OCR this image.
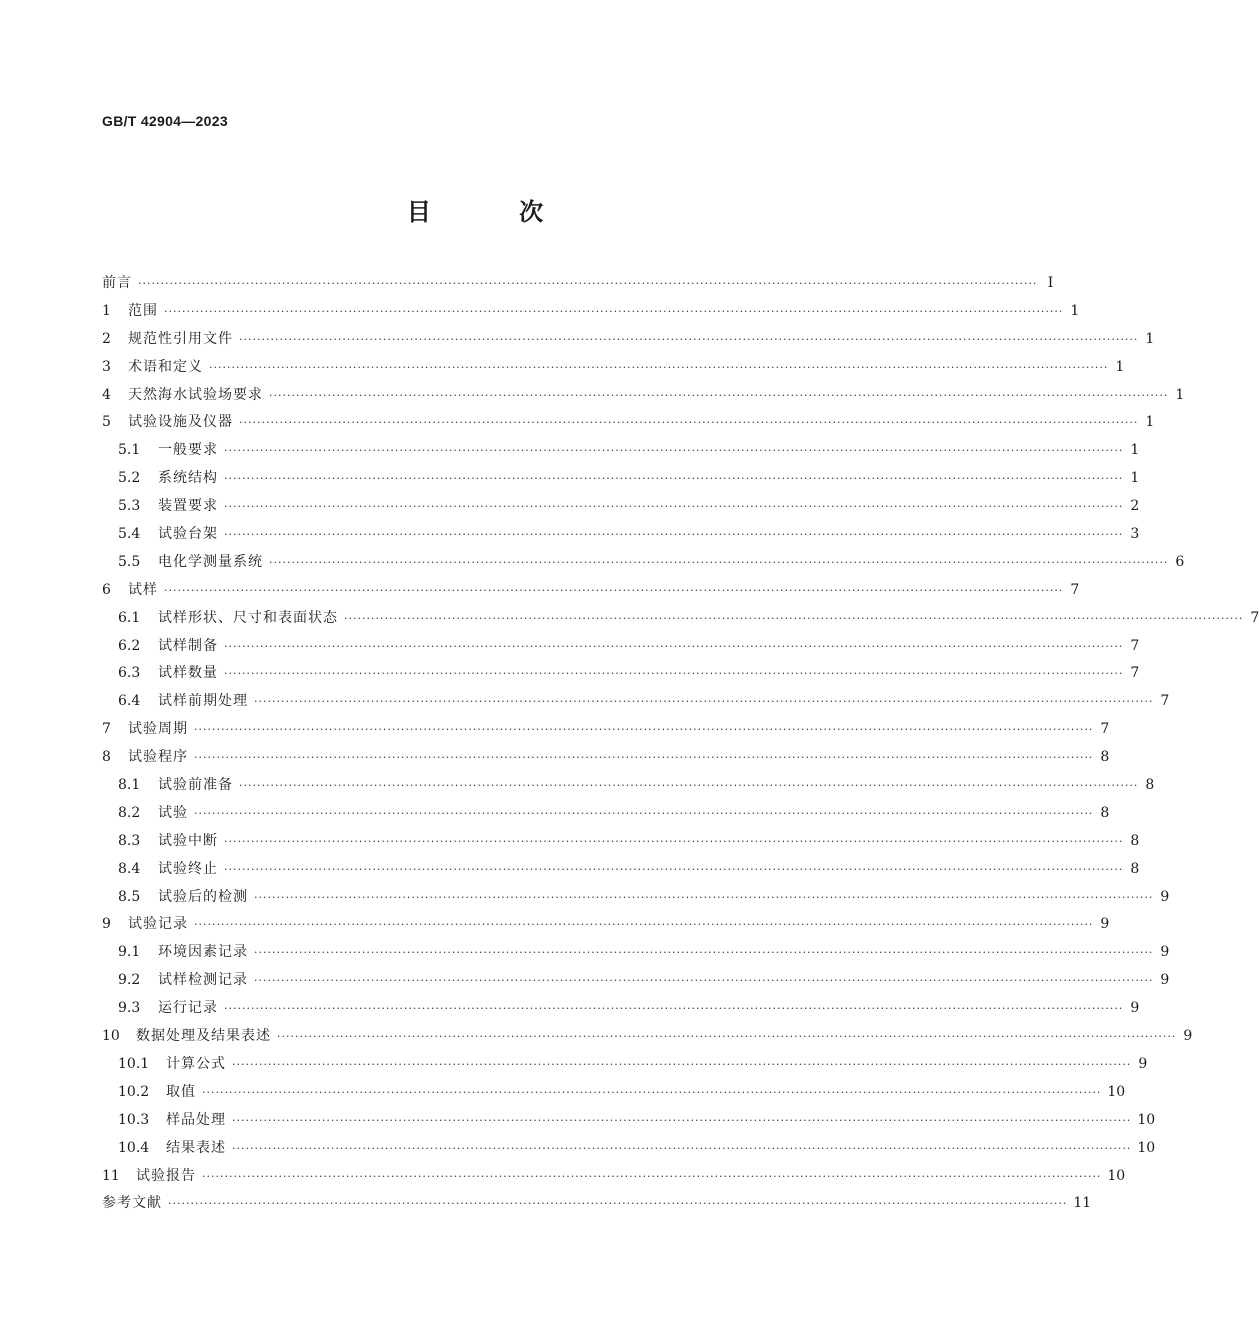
GB/T 42904—2023
目 次
前言 ········································································································································································································ Ⅰ
1	范围 ········································································································································································································ 1
2	规范性引用文件 ········································································································································································································ 1
3	术语和定义 ········································································································································································································ 1
4	天然海水试验场要求 ········································································································································································································ 1
5	试验设施及仪器 ········································································································································································································ 1
5.1	一般要求 ········································································································································································································ 1
5.2	系统结构 ········································································································································································································ 1
5.3	装置要求 ········································································································································································································ 2
5.4	试验台架 ········································································································································································································ 3
5.5	电化学测量系统 ········································································································································································································ 6
6	试样 ········································································································································································································ 7
6.1	试样形状、尺寸和表面状态 ········································································································································································································ 7
6.2	试样制备 ········································································································································································································ 7
6.3	试样数量 ········································································································································································································ 7
6.4	试样前期处理 ········································································································································································································ 7
7	试验周期 ········································································································································································································ 7
8	试验程序 ········································································································································································································ 8
8.1	试验前准备 ········································································································································································································ 8
8.2	试验 ········································································································································································································ 8
8.3	试验中断 ········································································································································································································ 8
8.4	试验终止 ········································································································································································································ 8
8.5	试验后的检测 ········································································································································································································ 9
9	试验记录 ········································································································································································································ 9
9.1	环境因素记录 ········································································································································································································ 9
9.2	试样检测记录 ········································································································································································································ 9
9.3	运行记录 ········································································································································································································ 9
10	数据处理及结果表述 ········································································································································································································ 9
10.1	计算公式 ········································································································································································································ 9
10.2	取值 ········································································································································································································ 10
10.3	样品处理 ········································································································································································································ 10
10.4	结果表述 ········································································································································································································ 10
11	试验报告 ········································································································································································································ 10
参考文献 ········································································································································································································ 11
